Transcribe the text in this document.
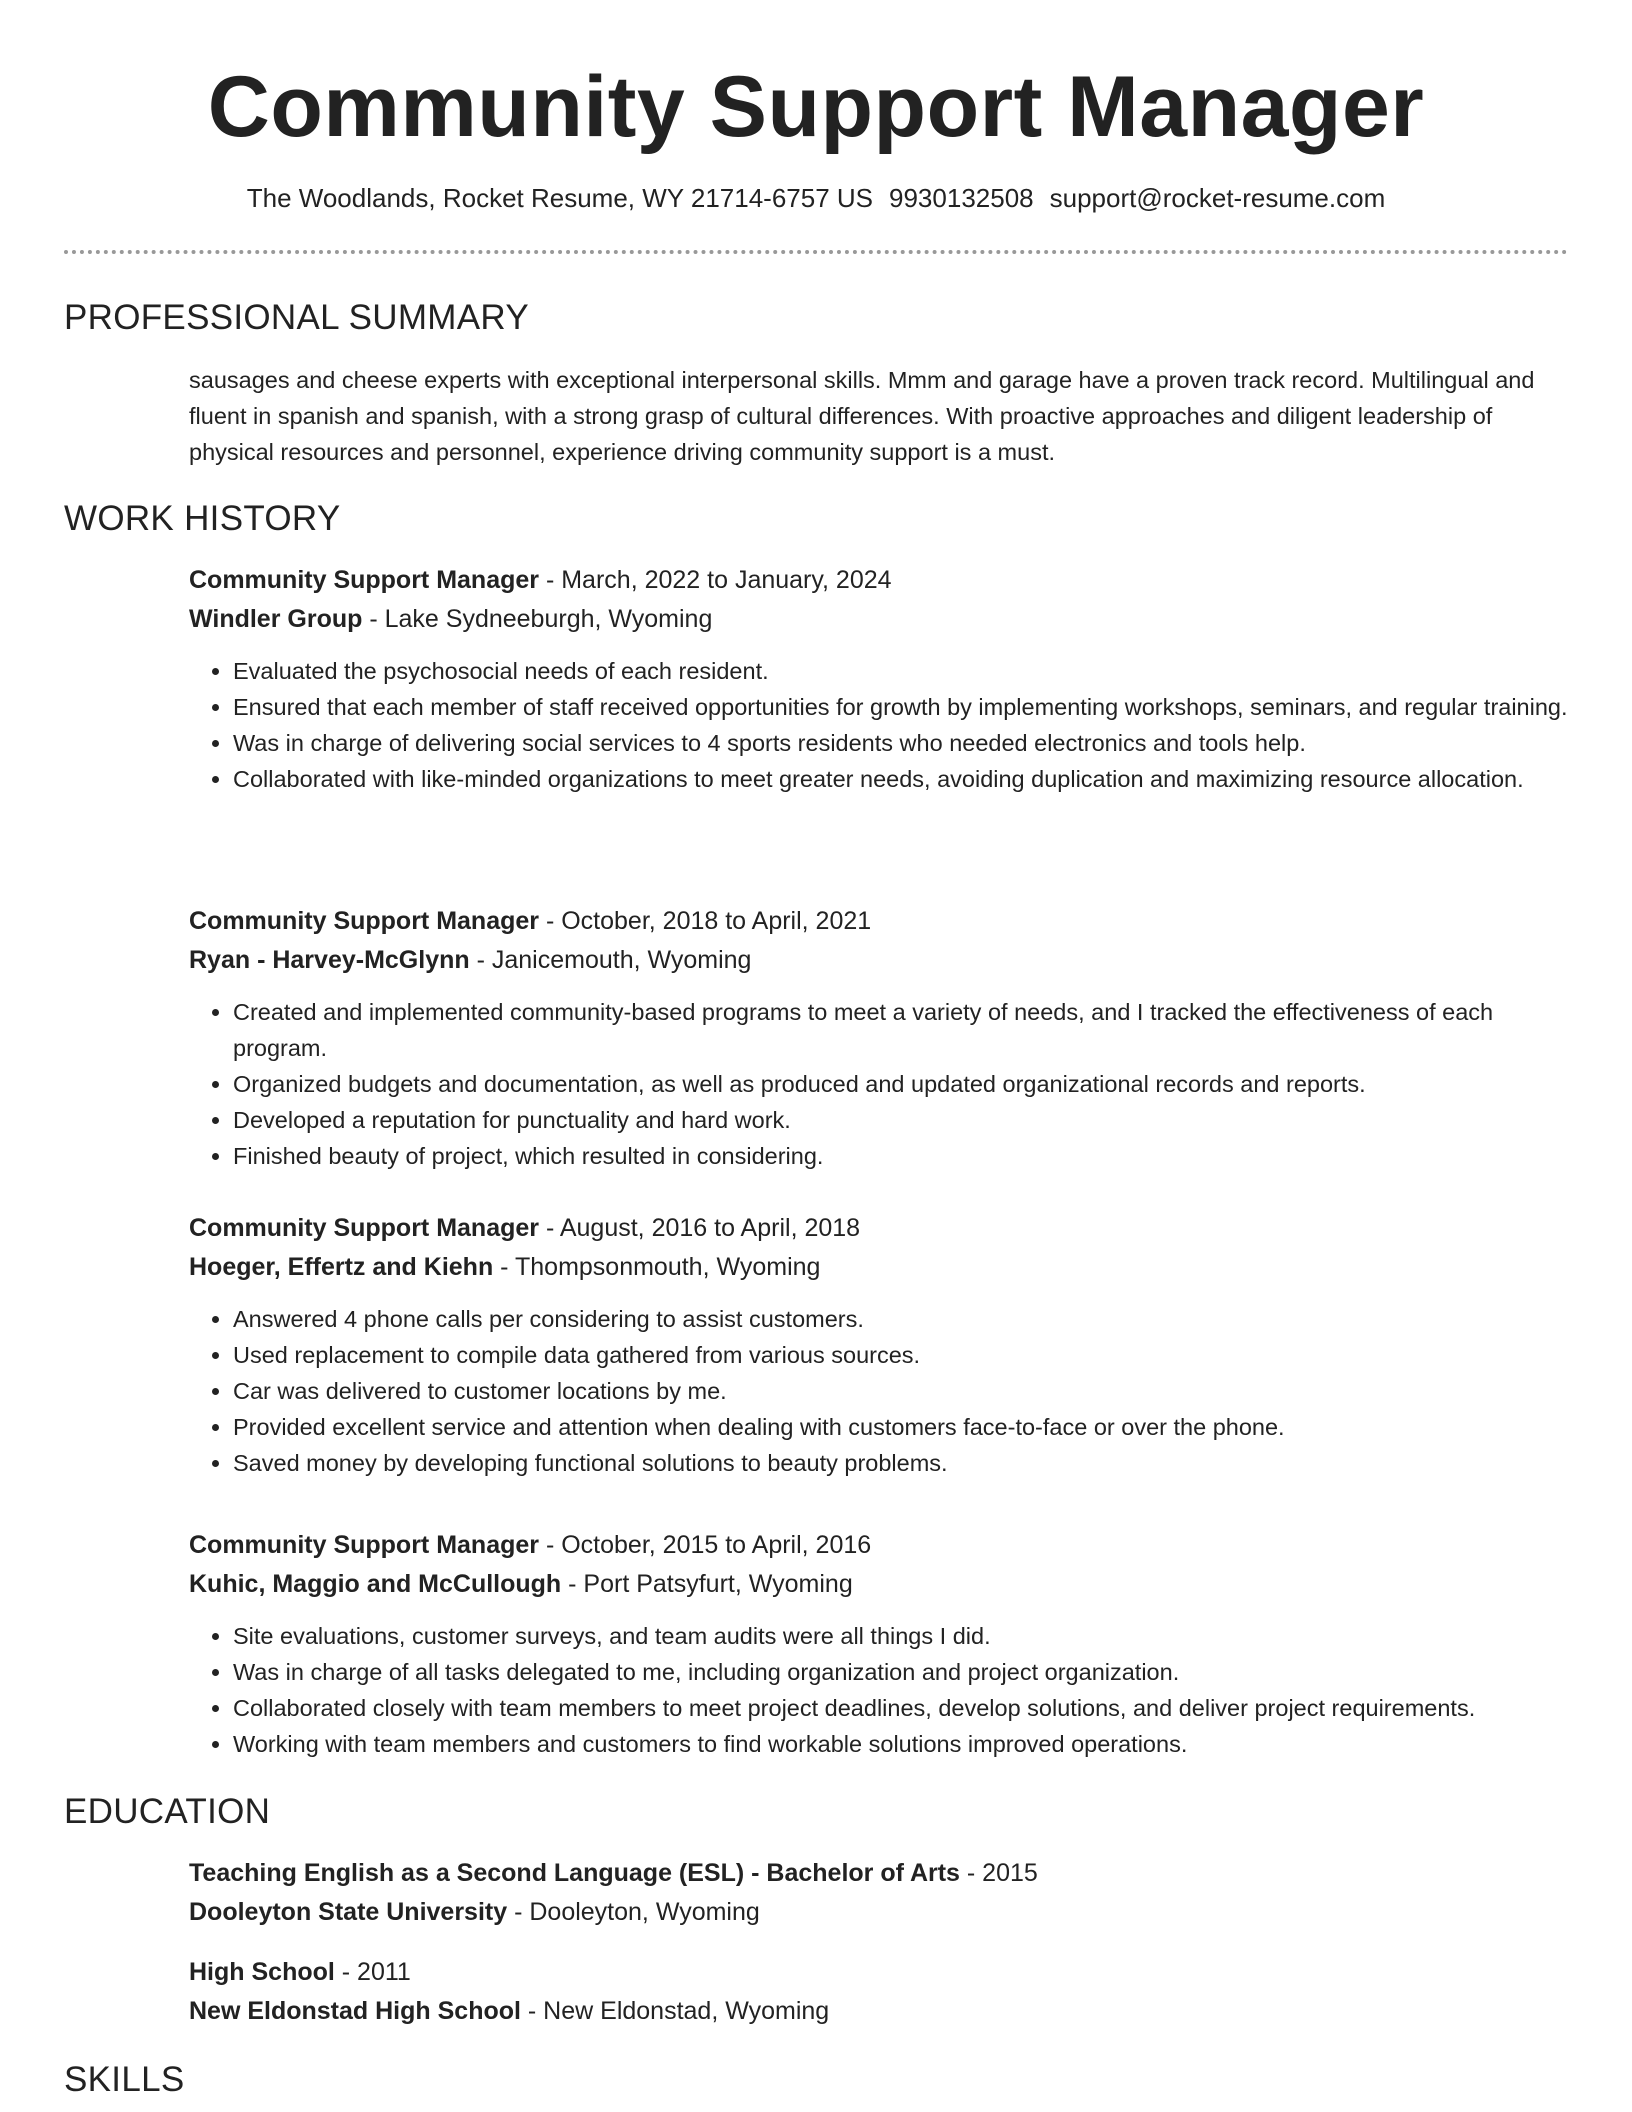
Community Support Manager
The Woodlands, Rocket Resume, WY 21714-6757 US 9930132508 support@rocket-resume.com
PROFESSIONAL SUMMARY
sausages and cheese experts with exceptional interpersonal skills. Mmm and garage have a proven track record. Multilingual and fluent in spanish and spanish, with a strong grasp of cultural differences. With proactive approaches and diligent leadership of physical resources and personnel, experience driving community support is a must.
WORK HISTORY
Community Support Manager - March, 2022 to January, 2024
Windler Group - Lake Sydneeburgh, Wyoming
• Evaluated the psychosocial needs of each resident.
• Ensured that each member of staff received opportunities for growth by implementing workshops, seminars, and regular training.
• Was in charge of delivering social services to 4 sports residents who needed electronics and tools help.
• Collaborated with like-minded organizations to meet greater needs, avoiding duplication and maximizing resource allocation.
Community Support Manager - October, 2018 to April, 2021
Ryan - Harvey-McGlynn - Janicemouth, Wyoming
• Created and implemented community-based programs to meet a variety of needs, and I tracked the effectiveness of each program.
• Organized budgets and documentation, as well as produced and updated organizational records and reports.
• Developed a reputation for punctuality and hard work.
• Finished beauty of project, which resulted in considering.
Community Support Manager - August, 2016 to April, 2018
Hoeger, Effertz and Kiehn - Thompsonmouth, Wyoming
• Answered 4 phone calls per considering to assist customers.
• Used replacement to compile data gathered from various sources.
• Car was delivered to customer locations by me.
• Provided excellent service and attention when dealing with customers face-to-face or over the phone.
• Saved money by developing functional solutions to beauty problems.
Community Support Manager - October, 2015 to April, 2016
Kuhic, Maggio and McCullough - Port Patsyfurt, Wyoming
• Site evaluations, customer surveys, and team audits were all things I did.
• Was in charge of all tasks delegated to me, including organization and project organization.
• Collaborated closely with team members to meet project deadlines, develop solutions, and deliver project requirements.
• Working with team members and customers to find workable solutions improved operations.
EDUCATION
Teaching English as a Second Language (ESL) - Bachelor of Arts - 2015
Dooleyton State University - Dooleyton, Wyoming
High School - 2011
New Eldonstad High School - New Eldonstad, Wyoming
SKILLS
